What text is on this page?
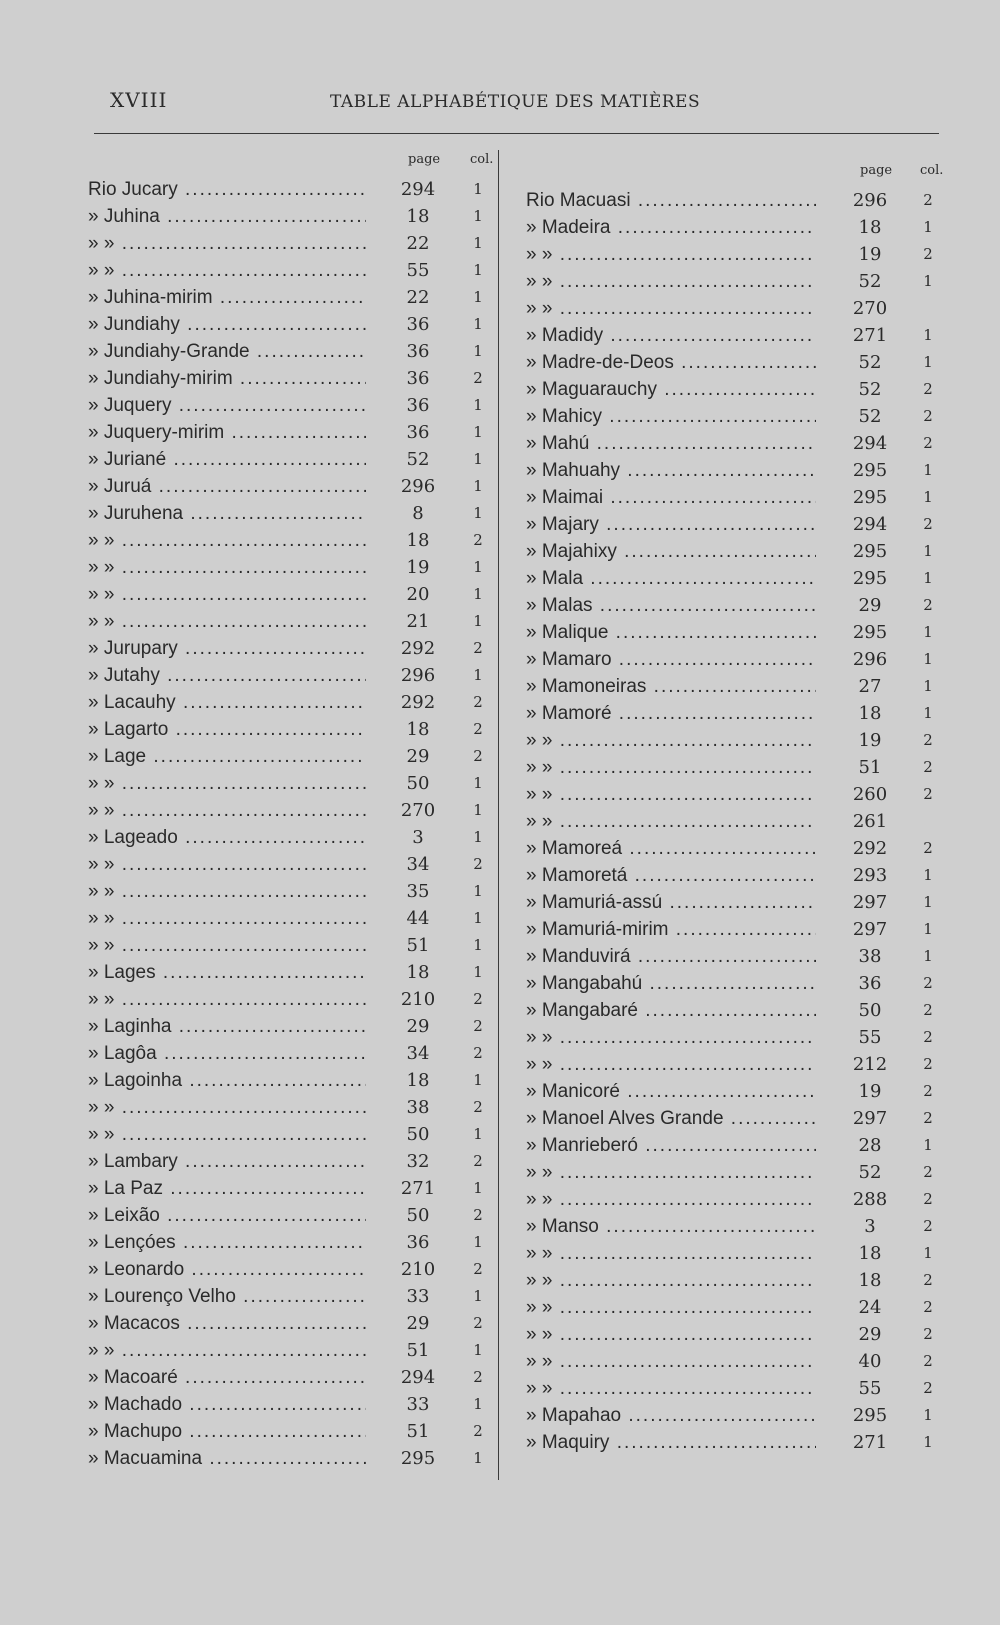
XVIII	TABLE ALPHABÉTIQUE DES MATIÈRES
page col.
Rio Jucary .....	294	1
» Juhina .....	18	1
» » .....	22	1
» » .....	55	1
» Juhina-mirim .....	22	1
» Jundiahy .....	36	1
» Jundiahy-Grande .....	36	1
» Jundiahy-mirim .....	36	2
» Juquery .....	36	1
» Juquery-mirim .....	36	1
» Jurіané .....	52	1
» Juruá .....	296	1
» Juruhena .....	8	1
» » .....	18	2
» » .....	19	1
» » .....	20	1
» » .....	21	1
» Jurupary .....	292	2
» Jutahy .....	296	1
» Lacauhy .....	292	2
» Lagarto .....	18	2
» Lage .....	29	2
» » .....	50	1
» » .....	270	1
» Lageado .....	3	1
» » .....	34	2
» » .....	35	1
» » .....	44	1
» » .....	51	1
» Lages .....	18	1
» » .....	210	2
» Laginha .....	29	2
» Lagôa .....	34	2
» Lagoinha .....	18	1
» » .....	38	2
» » .....	50	1
» Lambary .....	32	2
» La Paz .....	271	1
» Leixão .....	50	2
» Lençóes .....	36	1
» Leonardo .....	210	2
» Lourenço Velho .....	33	1
» Macacos .....	29	2
» » .....	51	1
» Macoaré .....	294	2
» Machado .....	33	1
» Machupo .....	51	2
» Macuamina .....	295	1
page col.
Rio Macuasi .....	296	2
» Madeira .....	18	1
» » .....	19	2
» » .....	52	1
» » .....	270
» Madidy .....	271	1
» Madre-de-Deos .....	52	1
» Maguarauchy .....	52	2
» Mahicy .....	52	2
» Mahú .....	294	2
» Mahuahy .....	295	1
» Maimai .....	295	1
» Majary .....	294	2
» Majahixy .....	295	1
» Mala .....	295	1
» Malas .....	29	2
» Malique .....	295	1
» Mamaro .....	296	1
» Mamoneiras .....	27	1
» Mamoré .....	18	1
» » .....	19	2
» » .....	51	2
» » .....	260	2
» » .....	261
» Mamoreá .....	292	2
» Mamoretá .....	293	1
» Mamuriá-assú .....	297	1
» Mamuriá-mirim .....	297	1
» Manduvirá .....	38	1
» Mangabahú .....	36	2
» Mangabaré .....	50	2
» » .....	55	2
» » .....	212	2
» Manicoré .....	19	2
» Manoel Alves Grande .....	297	2
» Manrieberó .....	28	1
» » .....	52	2
» » .....	288	2
» Manso .....	3	2
» » .....	18	1
» » .....	18	2
» » .....	24	2
» » .....	29	2
» » .....	40	2
» » .....	55	2
» Mapahao .....	295	1
» Maquiry .....	271	1
